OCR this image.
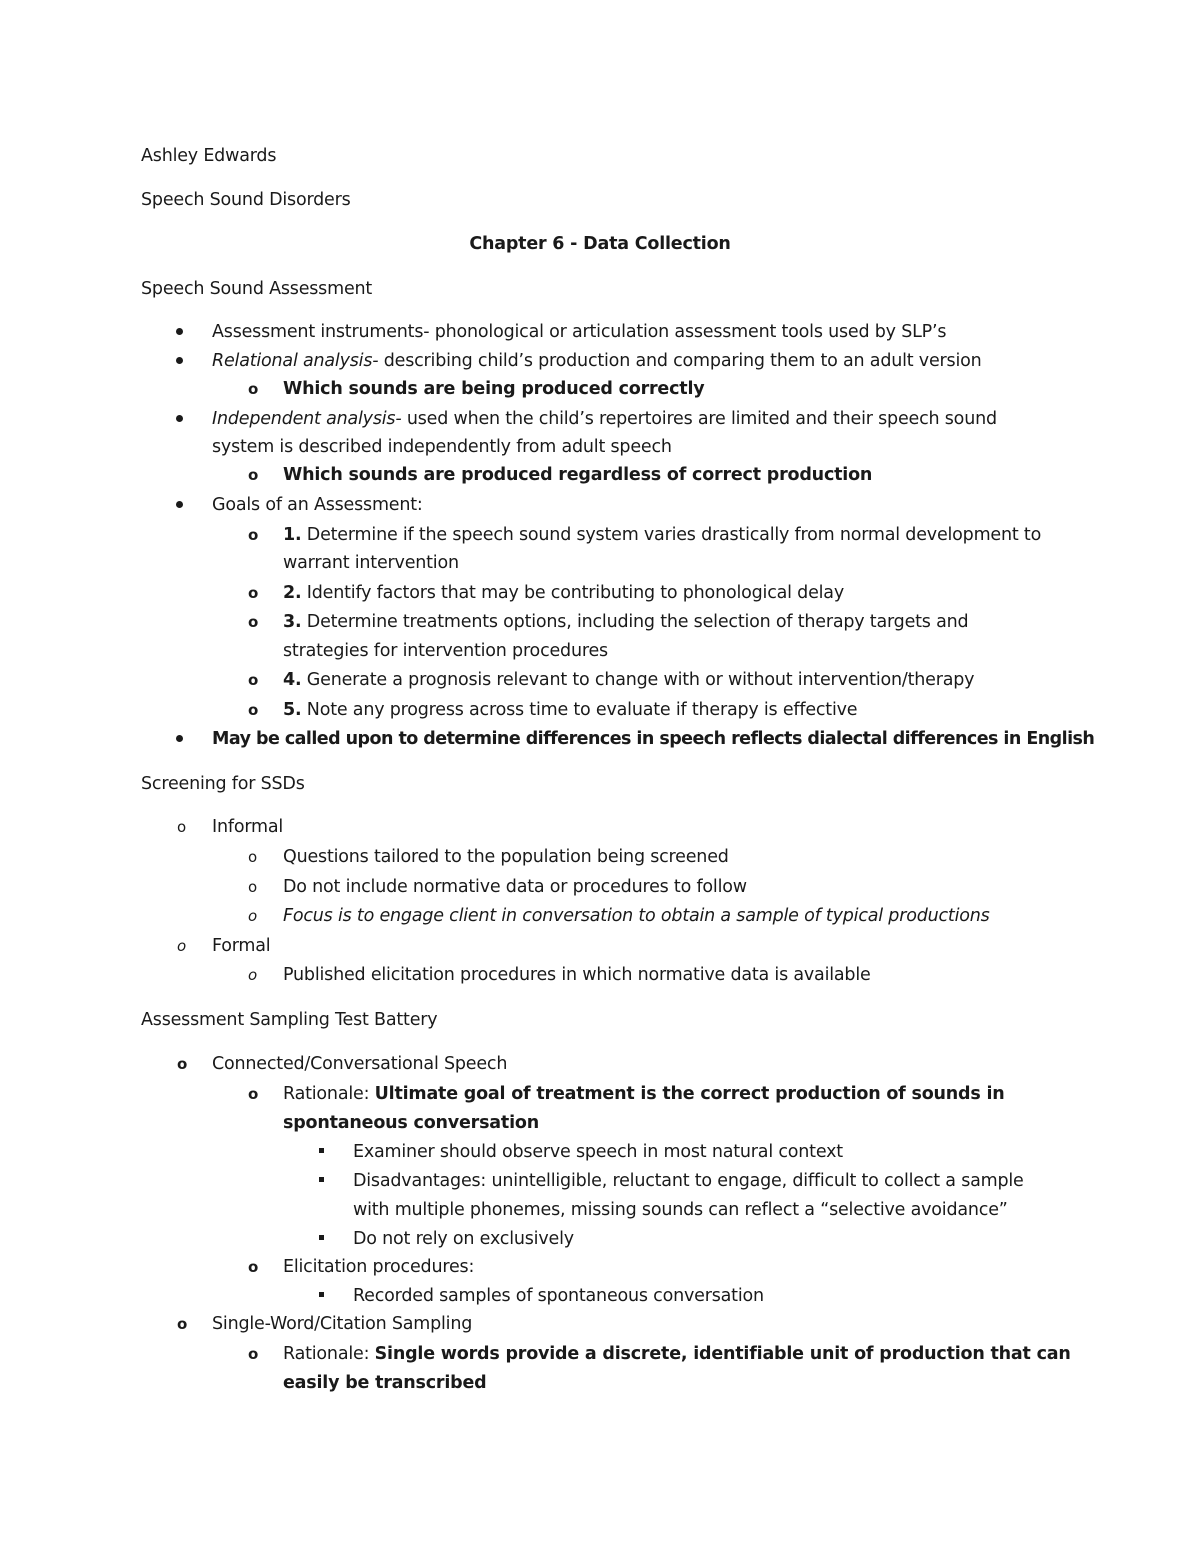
Ashley Edwards
Speech Sound Disorders
Chapter 6 - Data Collection
Speech Sound Assessment
Assessment instruments- phonological or articulation assessment tools used by SLP’s
Relational analysis- describing child’s production and comparing them to an adult version
o Which sounds are being produced correctly
Independent analysis- used when the child’s repertoires are limited and their speech sound
system is described independently from adult speech
o Which sounds are produced regardless of correct production
Goals of an Assessment:
o 1. Determine if the speech sound system varies drastically from normal development to
warrant intervention
o 2. Identify factors that may be contributing to phonological delay
o 3. Determine treatments options, including the selection of therapy targets and
strategies for intervention procedures
o 4. Generate a prognosis relevant to change with or without intervention/therapy
o 5. Note any progress across time to evaluate if therapy is effective
May be called upon to determine differences in speech reflects dialectal differences in English
Screening for SSDs
o Informal
o Questions tailored to the population being screened
o Do not include normative data or procedures to follow
o Focus is to engage client in conversation to obtain a sample of typical productions
o Formal
o Published elicitation procedures in which normative data is available
Assessment Sampling Test Battery
o Connected/Conversational Speech
o Rationale: Ultimate goal of treatment is the correct production of sounds in
spontaneous conversation
Examiner should observe speech in most natural context
Disadvantages: unintelligible, reluctant to engage, difficult to collect a sample
with multiple phonemes, missing sounds can reflect a “selective avoidance”
Do not rely on exclusively
o Elicitation procedures:
Recorded samples of spontaneous conversation
o Single-Word/Citation Sampling
o Rationale: Single words provide a discrete, identifiable unit of production that can
easily be transcribed
